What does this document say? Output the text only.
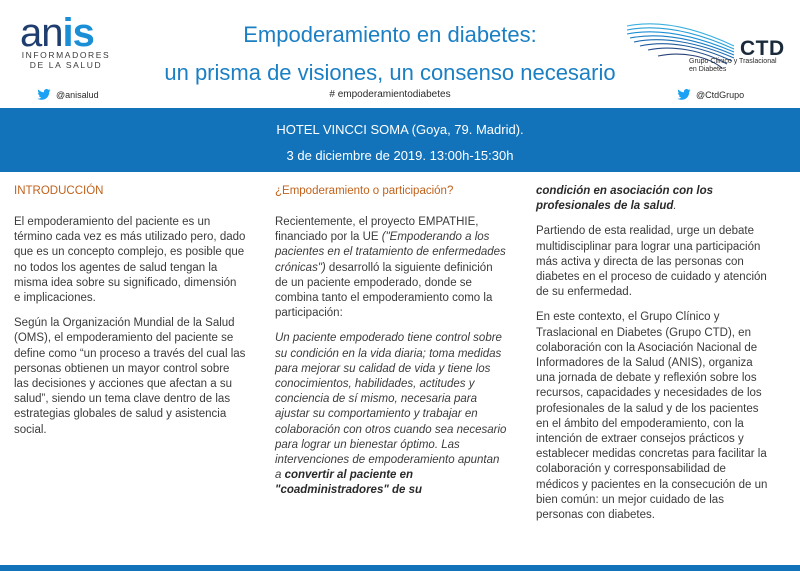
anis
INFORMADORES
DE LA SALUD
@anisalud
Empoderamiento en diabetes:
un prisma de visiones, un consenso necesario
# empoderamientodiabetes
CTD
Grupo Clínico y Traslacional
en Diabetes
@CtdGrupo
HOTEL VINCCI SOMA (Goya, 79. Madrid).
3 de diciembre de 2019. 13:00h-15:30h
INTRODUCCIÓN

El empoderamiento del paciente es un término cada vez es más utilizado pero, dado que es un concepto complejo, es posible que no todos los agentes de salud tengan la misma idea sobre su significado, dimensión e implicaciones.

Según la Organización Mundial de la Salud (OMS), el empoderamiento del paciente se define como “un proceso a través del cual las personas obtienen un mayor control sobre las decisiones y acciones que afectan a su salud”, siendo un tema clave dentro de las estrategias globales de salud y asistencia social.

¿Empoderamiento o participación?

Recientemente, el proyecto EMPATHIE, financiado por la UE ("Empoderando a los pacientes en el tratamiento de enfermedades crónicas") desarrolló la siguiente definición de un paciente empoderado, donde se combina tanto el empoderamiento como la participación:

Un paciente empoderado tiene control sobre su condición en la vida diaria; toma medidas para mejorar su calidad de vida y tiene los conocimientos, habilidades, actitudes y conciencia de sí mismo, necesaria para ajustar su comportamiento y trabajar en colaboración con otros cuando sea necesario para lograr un bienestar óptimo. Las intervenciones de empoderamiento apuntan a convertir al paciente en "coadministradores" de su

condición en asociación con los profesionales de la salud.

Partiendo de esta realidad, urge un debate multidisciplinar para lograr una participación más activa y directa de las personas con diabetes en el proceso de cuidado y atención de su enfermedad.

En este contexto, el Grupo Clínico y Traslacional en Diabetes (Grupo CTD), en colaboración con la Asociación Nacional de Informadores de la Salud (ANIS), organiza una jornada de debate y reflexión sobre los recursos, capacidades y necesidades de los profesionales de la salud y de los pacientes en el ámbito del empoderamiento, con la intención de extraer consejos prácticos y establecer medidas concretas para facilitar la colaboración y corresponsabilidad de médicos y pacientes en la consecución de un bien común: un mejor cuidado de las personas con diabetes.
